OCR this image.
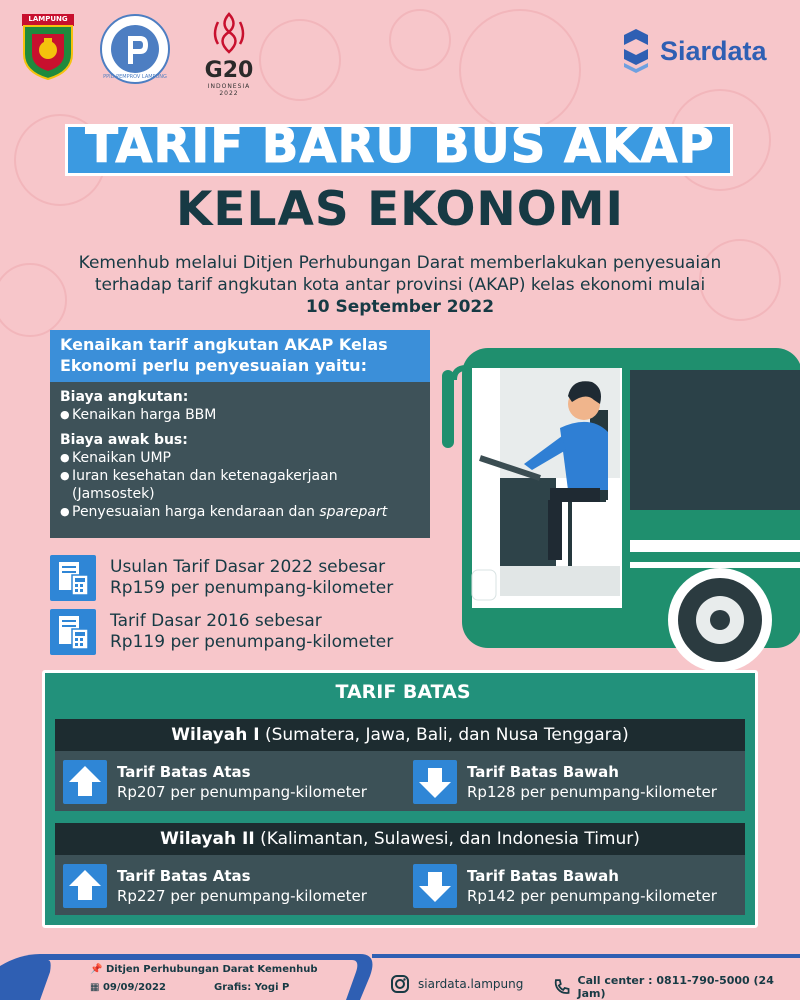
LAMPUNG
PPID PEMPROV LAMPUNG	G20
INDONESIA 2022
Siardata
TARIF BARU BUS AKAP
KELAS EKONOMI
Kemenhub melalui Ditjen Perhubungan Darat memberlakukan penyesuaian
terhadap tarif angkutan kota antar provinsi (AKAP) kelas ekonomi mulai
10 September 2022
Kenaikan tarif angkutan AKAP Kelas
Ekonomi perlu penyesuaian yaitu:
Biaya angkutan:
● Kenaikan harga BBM
Biaya awak bus:
● Kenaikan UMP
● Iuran kesehatan dan ketenagakerjaan
(Jamsostek)
● Penyesuaian harga kendaraan dan sparepart
Usulan Tarif Dasar 2022 sebesar
Rp159 per penumpang-kilometer
Tarif Dasar 2016 sebesar
Rp119 per penumpang-kilometer
TARIF BATAS
Wilayah I (Sumatera, Jawa, Bali, dan Nusa Tenggara)
Tarif Batas Atas
Rp207 per penumpang-kilometer
Tarif Batas Bawah
Rp128 per penumpang-kilometer
Wilayah II (Kalimantan, Sulawesi, dan Indonesia Timur)
Tarif Batas Atas
Rp227 per penumpang-kilometer
Tarif Batas Bawah
Rp142 per penumpang-kilometer
📌 Ditjen Perhubungan Darat Kemenhub
▦ 09/09/2022	Grafis: Yogi P	siardata.lampung	Call center : 0811-790-5000 (24 Jam)
